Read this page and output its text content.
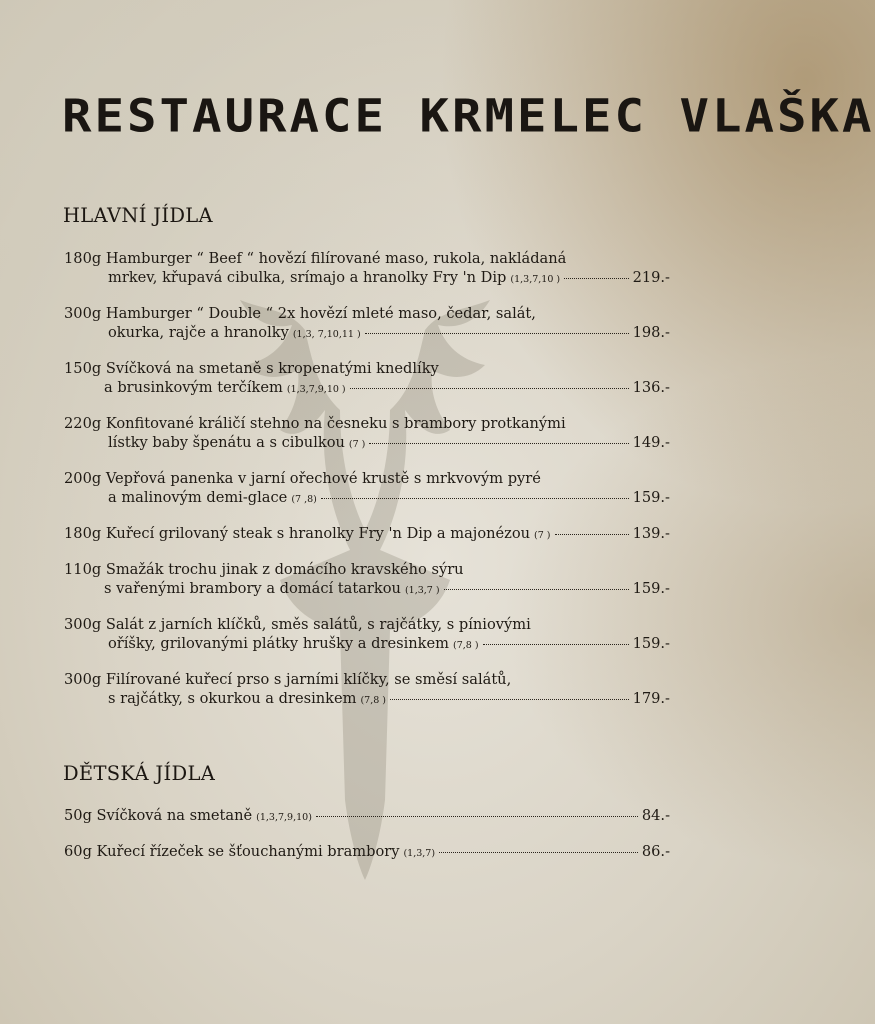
RESTAURACE KRMELEC VLAŠKA
HLAVNÍ JÍDLA
180g Hamburger “ Beef “ hovězí filírované maso, rukola, nakládaná
mrkev, křupavá cibulka, srímajo a hranolky Fry 'n Dip (1,3,7,10 )	219.-
300g Hamburger “ Double “ 2x hovězí mleté maso, čedar, salát,
okurka, rajče a hranolky (1,3, 7,10,11 )	198.-
150g Svíčková na smetaně s kropenatými knedlíky
a brusinkovým terčíkem (1,3,7,9,10 )	136.-
220g Konfitované králičí stehno na česneku s brambory protkanými
lístky baby špenátu a s cibulkou (7 )	149.-
200g Vepřová panenka v jarní ořechové krustě s mrkvovým pyré
a malinovým demi-glace (7 ,8)	159.-
180g Kuřecí grilovaný steak s hranolky Fry 'n Dip a majonézou (7 )	139.-
110g Smažák trochu jinak z domácího kravského sýru
s vařenými brambory a domácí tatarkou (1,3,7 )	159.-
300g Salát z jarních klíčků, směs salátů, s rajčátky, s píniovými
oříšky, grilovanými plátky hrušky a dresinkem (7,8 )	159.-
300g Filírované kuřecí prso s jarními klíčky, se směsí salátů,
s rajčátky, s okurkou a dresinkem (7,8 )	179.-
DĚTSKÁ JÍDLA
50g Svíčková na smetaně (1,3,7,9,10)	84.-
60g Kuřecí řízeček se šťouchanými brambory (1,3,7)	86.-
